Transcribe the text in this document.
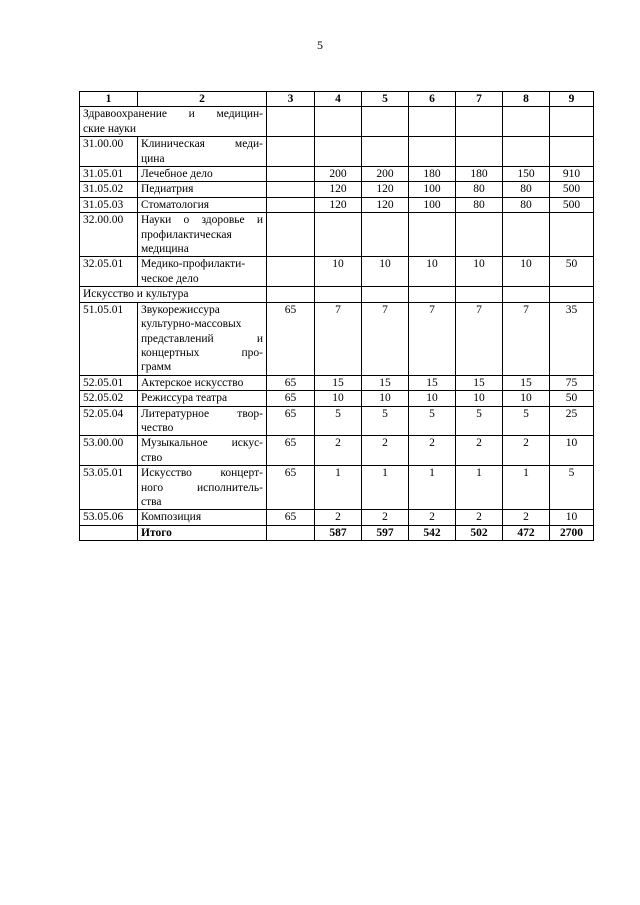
5
1	2	3	4	5	6	7	8	9

Здравоохранение и медицин-
ские науки								

31.00.00	Клиническая меди-
цина							

31.05.01	Лечебное дело		200	200	180	180	150	910
31.05.02	Педиатрия		120	120	100	80	80	500
31.05.03	Стоматология		120	120	100	80	80	500
32.00.00	Науки о здоровье и
профилактическая
медицина							

32.05.01	Медико-профилакти-
ческое дело		10	10	10	10	10	50
Искусство и культура								
51.05.01	Звукорежиссура
культурно-массовых
представлений и
концертных про-
грамм	65	7	7	7	7	7	35
52.05.01	Актерское искусство	65	15	15	15	15	15	75
52.05.02	Режиссура театра	65	10	10	10	10	10	50
52.05.04	Литературное твор-
чество	65	5	5	5	5	5	25
53.00.00	Музыкальное искус-
ство	65	2	2	2	2	2	10
53.05.01	Искусство концерт-
ного исполнитель-
ства	65	1	1	1	1	1	5
53.05.06	Композиция	65	2	2	2	2	2	10
	Итого		587	597	542	502	472	2700
